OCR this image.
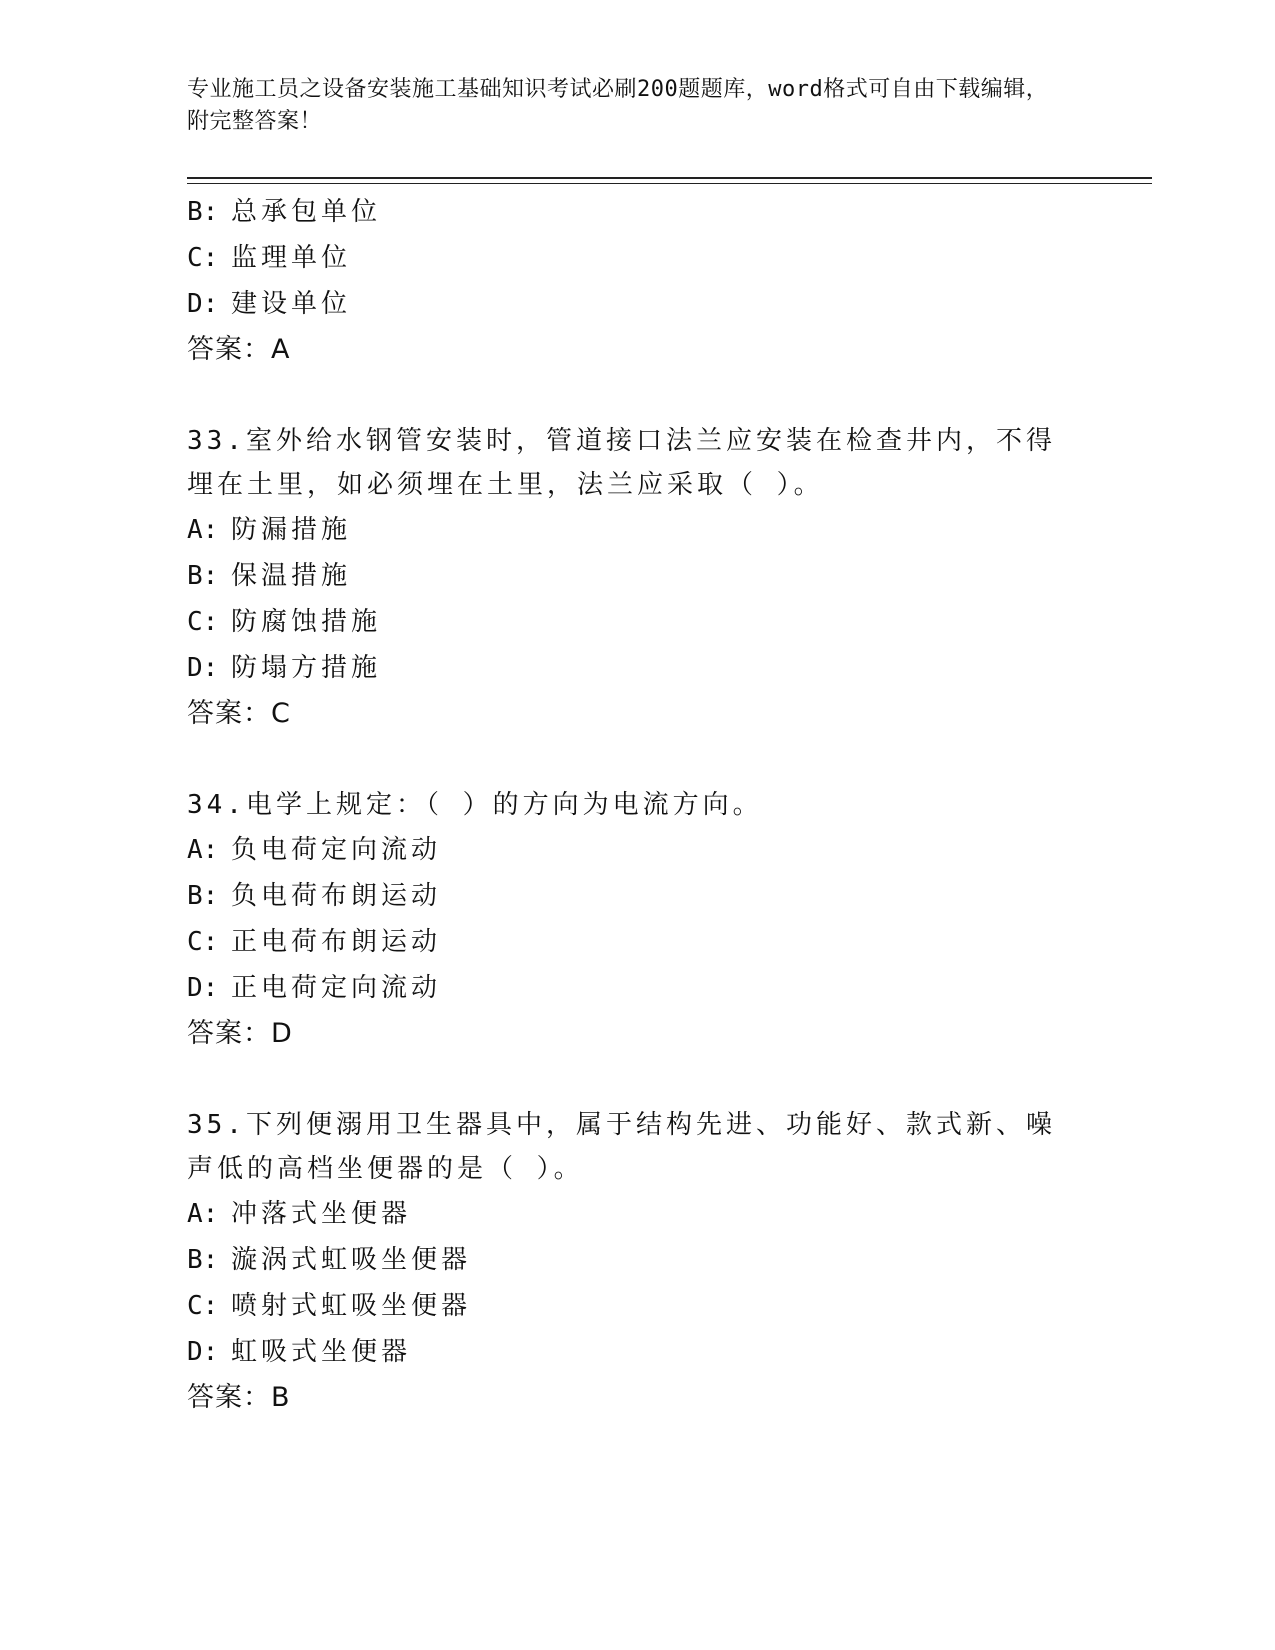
专业施工员之设备安装施工基础知识考试必刷200题题库，word格式可自由下载编辑，附完整答案！
B: 总承包单位
C: 监理单位
D: 建设单位
答案：A
33.室外给水钢管安装时，管道接口法兰应安装在检查井内，不得埋在土里，如必须埋在土里，法兰应采取（ ）。
A: 防漏措施
B: 保温措施
C: 防腐蚀措施
D: 防塌方措施
答案：C
34.电学上规定：（ ）的方向为电流方向。
A: 负电荷定向流动
B: 负电荷布朗运动
C: 正电荷布朗运动
D: 正电荷定向流动
答案：D
35.下列便溺用卫生器具中，属于结构先进、功能好、款式新、噪声低的高档坐便器的是（ ）。
A: 冲落式坐便器
B: 漩涡式虹吸坐便器
C: 喷射式虹吸坐便器
D: 虹吸式坐便器
答案：B
